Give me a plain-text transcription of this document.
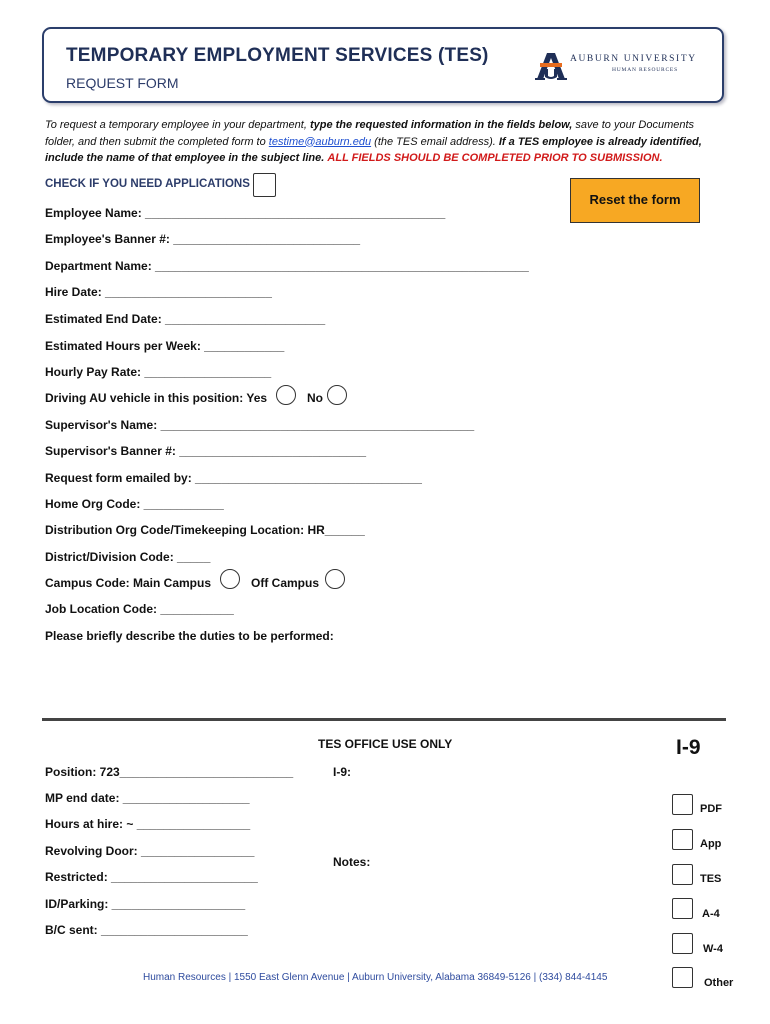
TEMPORARY EMPLOYMENT SERVICES (TES)
REQUEST FORM
AUBURN UNIVERSITY
HUMAN RESOURCES
To request a temporary employee in your department, type the requested information in the fields below, save to your Documents folder, and then submit the completed form to testime@auburn.edu (the TES email address). If a TES employee is already identified, include the name of that employee in the subject line. ALL FIELDS SHOULD BE COMPLETED PRIOR TO SUBMISSION.
CHECK IF YOU NEED APPLICATIONS
Reset the form
Employee Name: _____________________________________________
Employee's Banner #: ____________________________
Department Name: ________________________________________________________
Hire Date: _________________________
Estimated End Date: ________________________
Estimated Hours per Week: ____________
Hourly Pay Rate: ___________________
Driving AU vehicle in this position: Yes	No
Supervisor's Name: _______________________________________________
Supervisor's Banner #: ____________________________
Request form emailed by: __________________________________
Home Org Code: ____________
Distribution Org Code/Timekeeping Location: HR______
District/Division Code: _____
Campus Code: Main Campus	Off Campus
Job Location Code: ___________
Please briefly describe the duties to be performed:
TES OFFICE USE ONLY	I-9
Position: 723__________________________	I-9:
MP end date: ___________________
Hours at hire: ~ _________________
Revolving Door: _________________
Notes:
Restricted: ______________________
ID/Parking: ____________________
B/C sent: ______________________
PDF
App
TES
A-4
W-4
Other
Human Resources | 1550 East Glenn Avenue | Auburn University, Alabama 36849-5126 | (334) 844-4145
